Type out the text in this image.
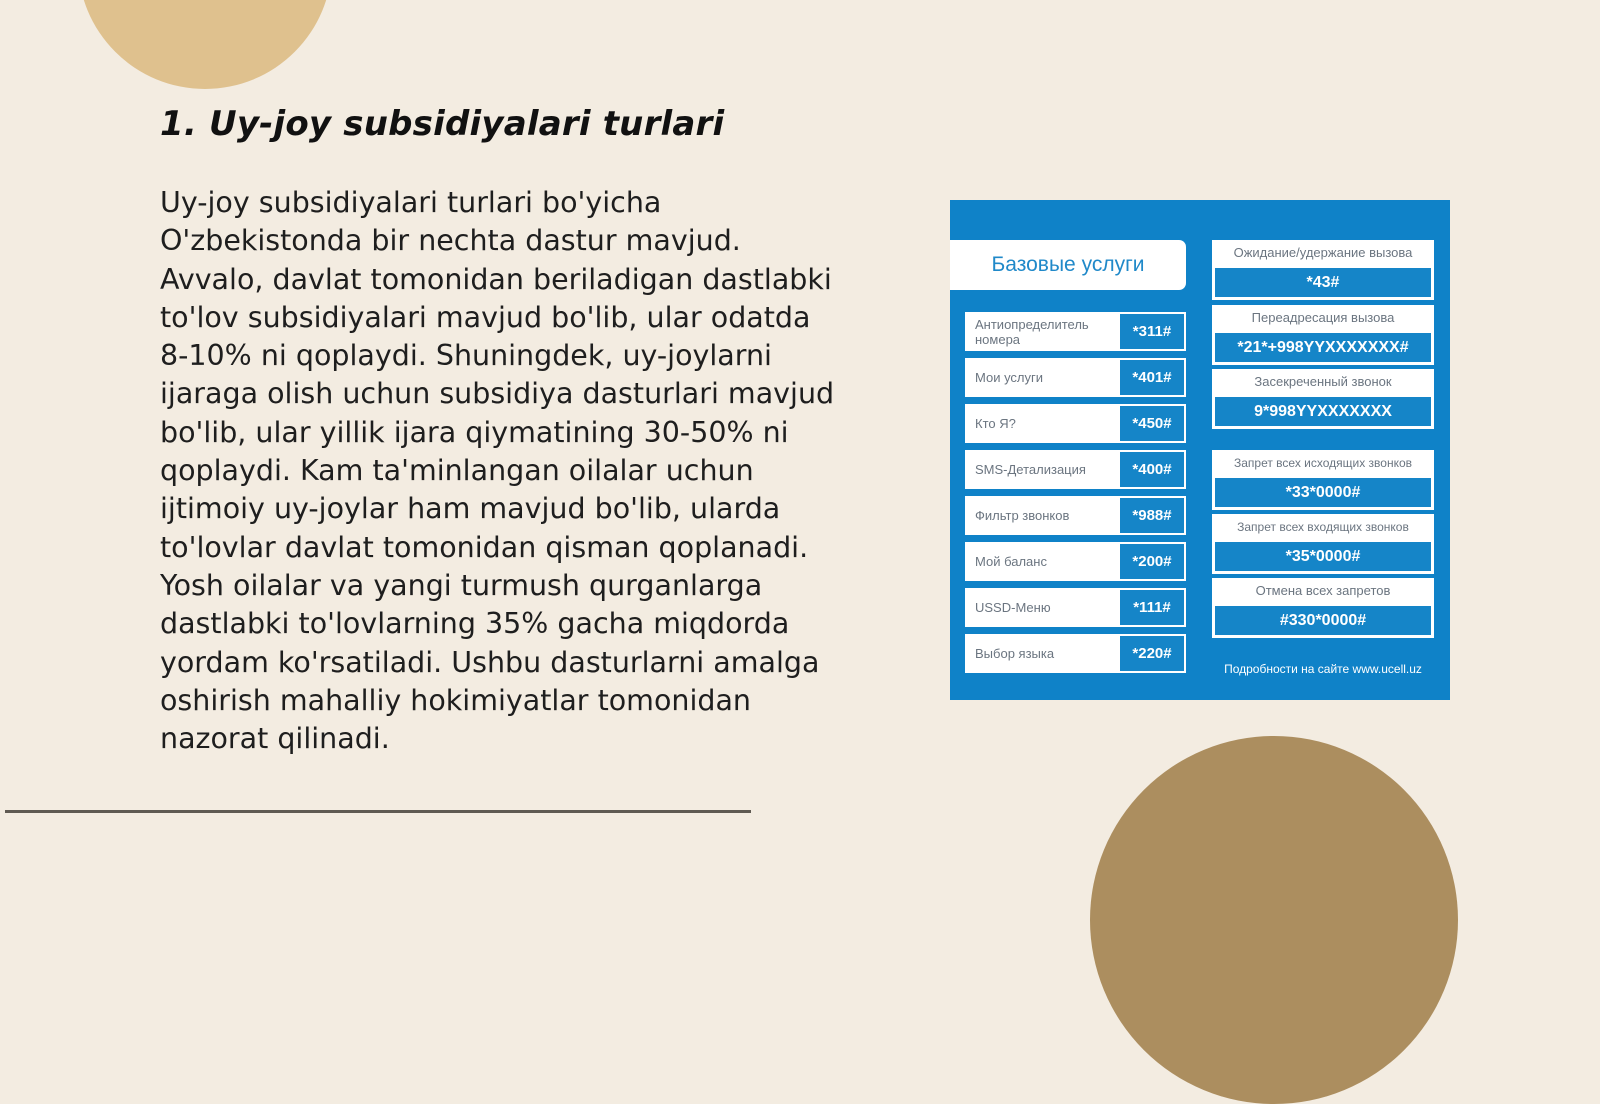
1. Uy-joy subsidiyalari turlari

Uy-joy subsidiyalari turlari bo'yicha O'zbekistonda bir nechta dastur mavjud. Avvalo, davlat tomonidan beriladigan dastlabki to'lov subsidiyalari mavjud bo'lib, ular odatda 8-10% ni qoplaydi. Shuningdek, uy-joylarni ijaraga olish uchun subsidiya dasturlari mavjud bo'lib, ular yillik ijara qiymatining 30-50% ni qoplaydi. Kam ta'minlangan oilalar uchun ijtimoiy uy-joylar ham mavjud bo'lib, ularda to'lovlar davlat tomonidan qisman qoplanadi. Yosh oilalar va yangi turmush qurganlarga dastlabki to'lovlarning 35% gacha miqdorda yordam ko'rsatiladi. Ushbu dasturlarni amalga oshirish mahalliy hokimiyatlar tomonidan nazorat qilinadi.

Базовые услуги
Антиопределитель номера	*311#
Мои услуги	*401#
Кто Я?	*450#
SMS-Детализация	*400#
Фильтр звонков	*988#
Мой баланс	*200#
USSD-Меню	*111#
Выбор языка	*220#
Ожидание/удержание вызова
*43#
Переадресация вызова
*21*+998YYXXXXXXX#
Засекреченный звонок
9*998YYXXXXXXX
Запрет всех исходящих звонков
*33*0000#
Запрет всех входящих звонков
*35*0000#
Отмена всех запретов
#330*0000#
Подробности на сайте www.ucell.uz
